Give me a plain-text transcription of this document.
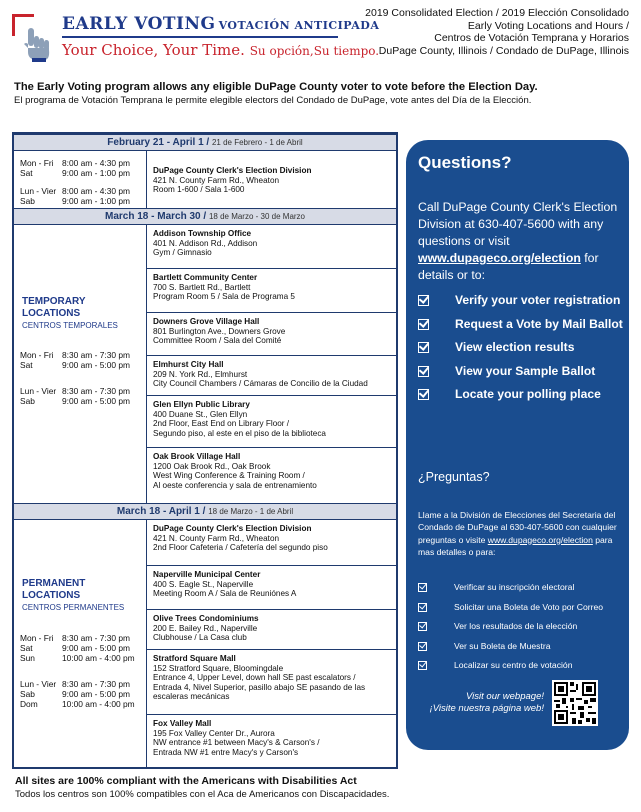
EARLY VOTING VOTACIÓN ANTICIPADA
Your Choice, Your Time. Su opción,Su tiempo.
2019 Consolidated Election / 2019 Elección Consolidado
Early Voting Locations and Hours /
Centros de Votación Temprana y Horarios
DuPage County, Illinois / Condado de DuPage, Illinois
The Early Voting program allows any eligible DuPage County voter to vote before the Election Day.
El programa de Votación Temprana le permite elegible electors del Condado de DuPage, vote antes del Día de la Elección.
February 21 - April 1 / 21 de Febrero - 1 de Abril
Mon - Fri	8:00 am - 4:30 pm
Sat	9:00 am - 1:00 pm
Lun - Vier 8:00 am - 4:30 pm
Sab	9:00 am - 1:00 pm
DuPage County Clerk's Election Division
421 N. County Farm Rd., Wheaton
Room 1-600 / Sala 1-600
March 18 - March 30 / 18 de Marzo - 30 de Marzo
TEMPORARY
LOCATIONS
CENTROS TEMPORALES
Mon - Fri	8:30 am - 7:30 pm
Sat	9:00 am - 5:00 pm
Lun - Vier 8:30 am - 7:30 pm
Sab	9:00 am - 5:00 pm
Addison Township Office
401 N. Addison Rd., Addison
Gym / Gimnasio
Bartlett Community Center
700 S. Bartlett Rd., Bartlett
Program Room 5 / Sala de Programa 5
Downers Grove Village Hall
801 Burlington Ave., Downers Grove
Committee Room / Sala del Comité
Elmhurst City Hall
209 N. York Rd., Elmhurst
City Council Chambers / Cámaras de Concilio de la Ciudad
Glen Ellyn Public Library
400 Duane St., Glen Ellyn
2nd Floor, East End on Library Floor /
Segundo piso, al este en el piso de la biblioteca
Oak Brook Village Hall
1200 Oak Brook Rd., Oak Brook
West Wing Conference & Training Room /
Al oeste conferencia y sala de entrenamiento
March 18 - April 1 / 18 de Marzo - 1 de Abril
PERMANENT
LOCATIONS
CENTROS PERMANENTES
Mon - Fri	8:30 am - 7:30 pm
Sat	9:00 am - 5:00 pm
Sun	10:00 am - 4:00 pm
Lun - Vier 8:30 am - 7:30 pm
Sab	9:00 am - 5:00 pm
Dom	10:00 am - 4:00 pm
DuPage County Clerk's Election Division
421 N. County Farm Rd., Wheaton
2nd Floor Cafeteria / Cafetería del segundo piso
Naperville Municipal Center
400 S. Eagle St., Naperville
Meeting Room A / Sala de Reuniónes A
Olive Trees Condominiums
200 E. Bailey Rd., Naperville
Clubhouse / La Casa club
Stratford Square Mall
152 Stratford Square, Bloomingdale
Entrance 4, Upper Level, down hall SE past escalators /
Entrada 4, Nivel Superior, pasillo abajo SE pasando de las
escaleras mecánicas
Fox Valley Mall
195 Fox Valley Center Dr., Aurora
NW entrance #1 between Macy's & Carson's /
Entrada NW #1 entre Macy's y Carson's
All sites are 100% compliant with the Americans with Disabilities Act
Todos los centros son 100% compatibles con el Aca de Americanos con Discapacidades.
Questions?
Call DuPage County Clerk's Election Division at 630-407-5600 with any questions or visit www.dupageco.org/election for details or to:
Verify your voter registration
Request a Vote by Mail Ballot
View election results
View your Sample Ballot
Locate your polling place
¿Preguntas?
Llame a la División de Elecciones del Secretaria del Condado de DuPage al 630-407-5600 con cualquier preguntas o visite www.dupageco.org/election para mas detalles o para:
Verificar su inscripción electoral
Solicitar una Boleta de Voto por Correo
Ver los resultados de la elección
Ver su Boleta de Muestra
Localizar su centro de votación
Visit our webpage!
¡Visite nuestra página web!
